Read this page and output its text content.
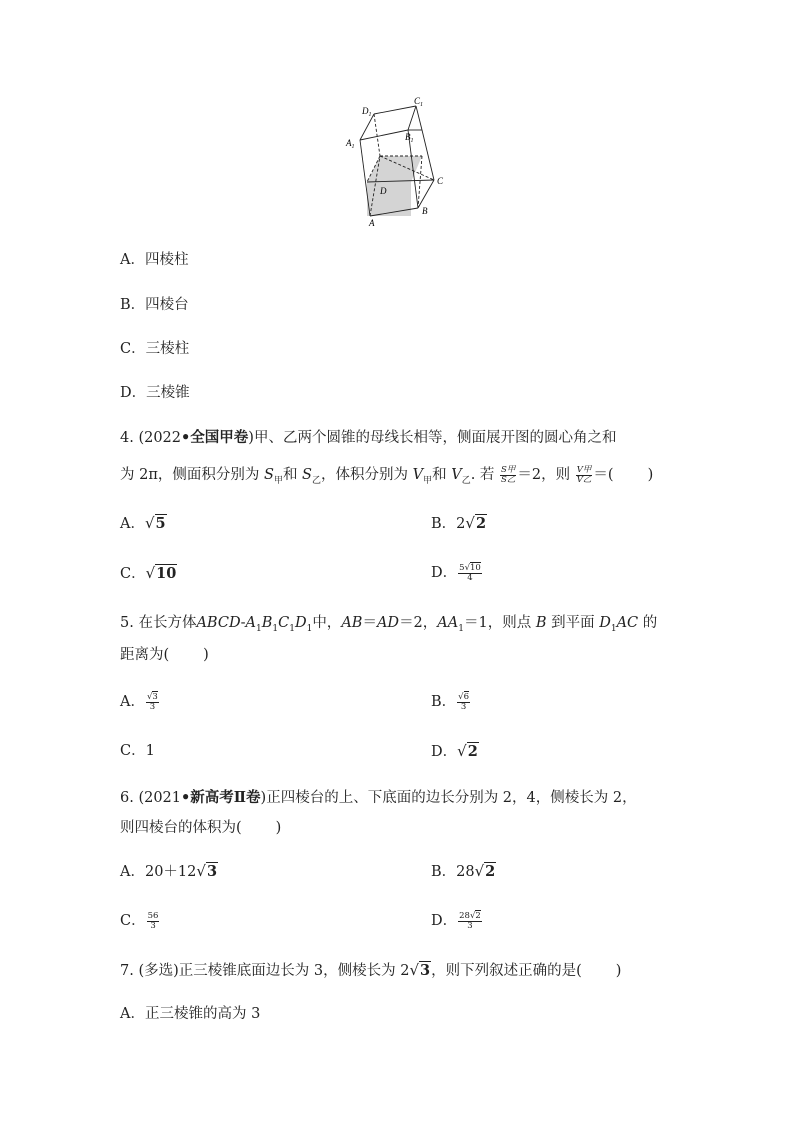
$D_1$
$C_1$
$A_1$
$B_1$
D
C
A
B
A．四棱柱
B．四棱台
C．三棱柱
D．三棱锥
4. (2022•全国甲卷)甲、乙两个圆锥的母线长相等，侧面展开图的圆心角之和
为 2π，侧面积分别为 $S_甲$和 $S_乙$，体积分别为 $V_甲$和 $V_乙$. 若 $\frac{\text{S甲}}{\text{S乙}} =2$，则 $\frac{\text{V甲}}{\text{V乙}}$ ＝( )
A．√5	B．2√2
C．√10	D． $\frac{5√10}{4}$
5. 在长方体ABCD-$A_1B_1C_1D_1$中，AB＝AD＝2，$AA_1=1$，则点 B 到平面 $D_1AC$ 的
距离为( )
A． $\frac{√3}{3}$	B． $\frac{√6}{3}$
C．1	D．√2
6. (2021•新高考Ⅱ卷)正四棱台的上、下底面的边长分别为 2，4，侧棱长为 2，
则四棱台的体积为( )
A．20＋12√3	B．28√2
C． $\frac{56}{3}$	D． $\frac{28√2}{3}$
7. (多选)正三棱锥底面边长为 3，侧棱长为 2√3，则下列叙述正确的是( )
A．正三棱锥的高为 3
